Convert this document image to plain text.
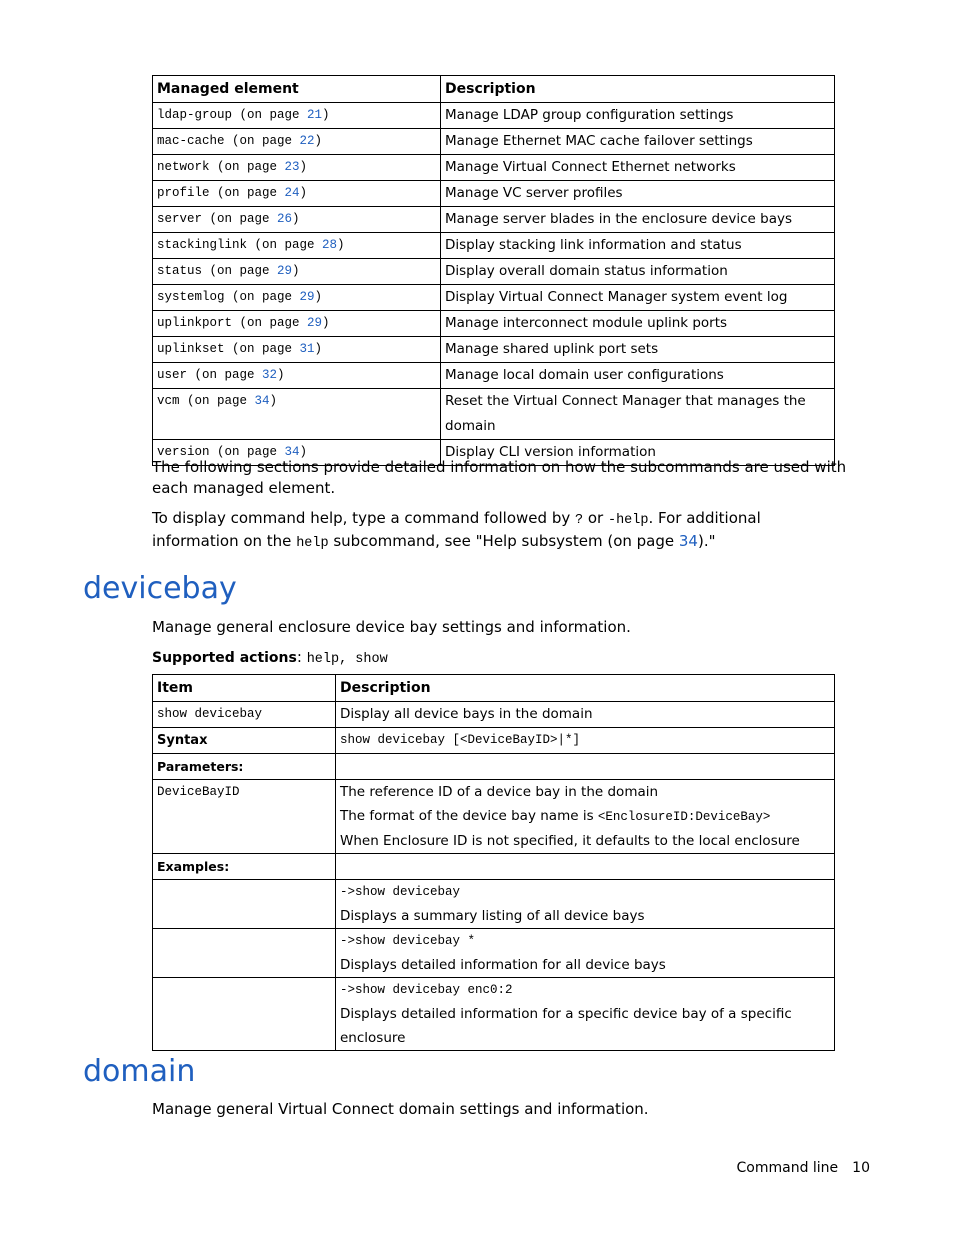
Managed element	Description
ldap-group (on page 21)	Manage LDAP group configuration settings
mac-cache (on page 22)	Manage Ethernet MAC cache failover settings
network (on page 23)	Manage Virtual Connect Ethernet networks
profile (on page 24)	Manage VC server profiles
server (on page 26)	Manage server blades in the enclosure device bays
stackinglink (on page 28)	Display stacking link information and status
status (on page 29)	Display overall domain status information
systemlog (on page 29)	Display Virtual Connect Manager system event log
uplinkport (on page 29)	Manage interconnect module uplink ports
uplinkset (on page 31)	Manage shared uplink port sets
user (on page 32)	Manage local domain user configurations
vcm (on page 34)	Reset the Virtual Connect Manager that manages the domain
version (on page 34)	Display CLI version information
The following sections provide detailed information on how the subcommands are used with each managed element.
To display command help, type a command followed by ? or -help. For additional information on the help subcommand, see "Help subsystem (on page 34)."
devicebay
Manage general enclosure device bay settings and information.
Supported actions: help, show
Item	Description
show devicebay	Display all device bays in the domain
Syntax	show devicebay [<DeviceBayID>|*]
Parameters:	
DeviceBayID	The reference ID of a device bay in the domain
The format of the device bay name is <EnclosureID:DeviceBay>
When Enclosure ID is not specified, it defaults to the local enclosure

Examples:	

	->show devicebay
Displays a summary listing of all device bays

	->show devicebay *
Displays detailed information for all device bays

	->show devicebay enc0:2
Displays detailed information for a specific device bay of a specific enclosure
domain
Manage general Virtual Connect domain settings and information.
Command line 10
